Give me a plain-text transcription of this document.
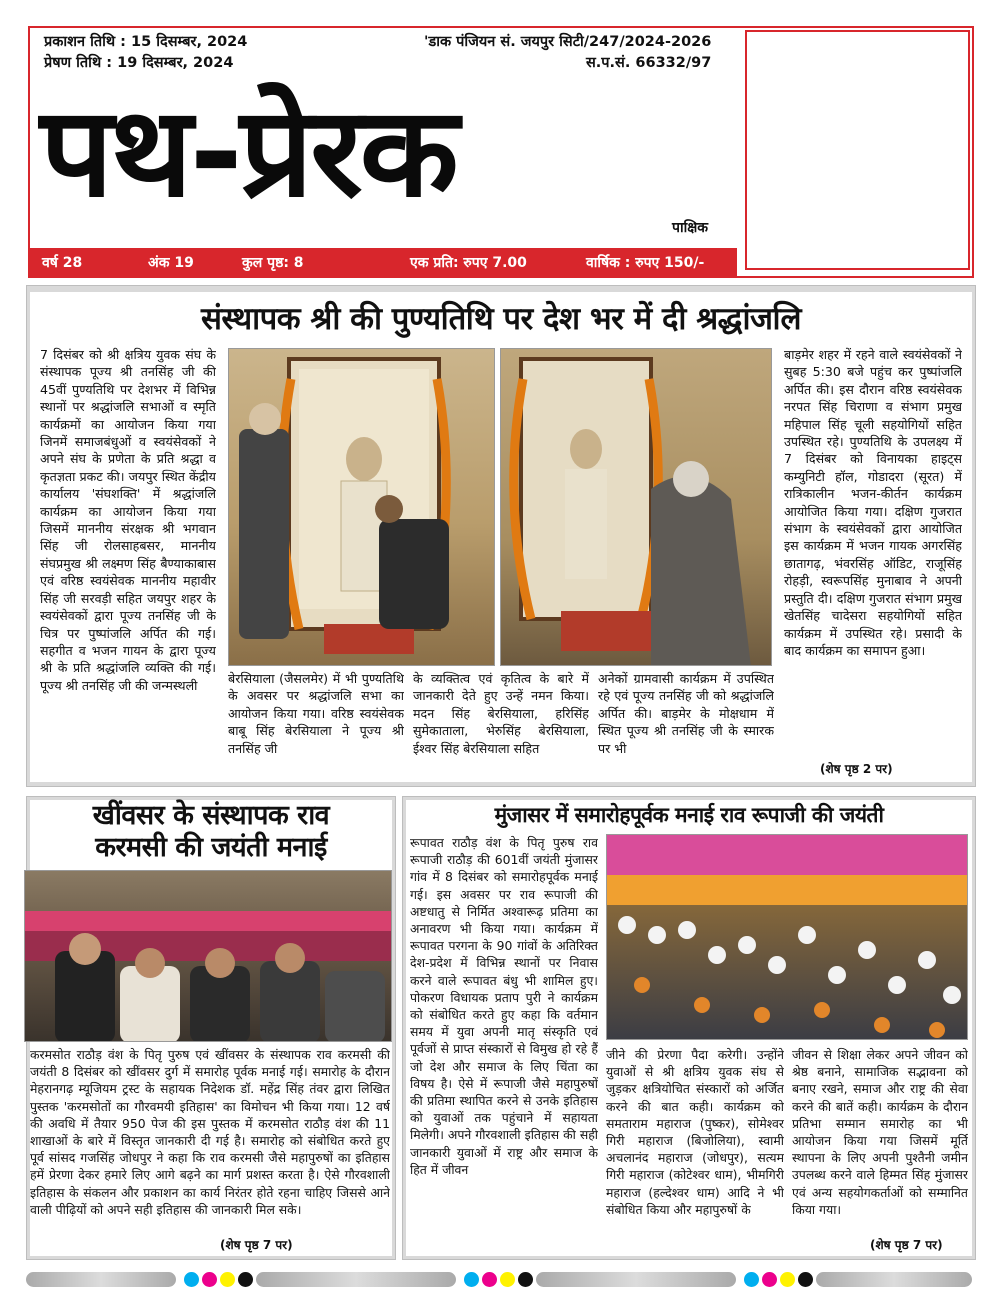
प्रकाशन तिथि : 15 दिसम्बर, 2024
प्रेषण तिथि : 19 दिसम्बर, 2024
'डाक पंजियन सं. जयपुर सिटी/247/2024-2026
स.प.सं. 66332/97
पथ-प्रेरक
पाक्षिक
वर्ष 28	अंक 19	कुल पृष्ठ: 8	एक प्रति: रुपए 7.00	वार्षिक : रुपए 150/-
संस्थापक श्री की पुण्यतिथि पर देश भर में दी श्रद्धांजलि
7 दिसंबर को श्री क्षत्रिय युवक संघ के संस्थापक पूज्य श्री तनसिंह जी की 45वीं पुण्यतिथि पर देशभर में विभिन्न स्थानों पर श्रद्धांजलि सभाओं व स्मृति कार्यक्रमों का आयोजन किया गया जिनमें समाजबंधुओं व स्वयंसेवकों ने अपने संघ के प्रणेता के प्रति श्रद्धा व कृतज्ञता प्रकट की। जयपुर स्थित केंद्रीय कार्यालय 'संघशक्ति' में श्रद्धांजलि कार्यक्रम का आयोजन किया गया जिसमें माननीय संरक्षक श्री भगवान सिंह जी रोलसाहबसर, माननीय संघप्रमुख श्री लक्ष्मण सिंह बैण्याकाबास एवं वरिष्ठ स्वयंसेवक माननीय महावीर सिंह जी सरवड़ी सहित जयपुर शहर के स्वयंसेवकों द्वारा पूज्य तनसिंह जी के चित्र पर पुष्पांजलि अर्पित की गई। सहगीत व भजन गायन के द्वारा पूज्य श्री के प्रति श्रद्धांजलि व्यक्ति की गई। पूज्य श्री तनसिंह जी की जन्मस्थली	बेरसियाला (जैसलमेर) में भी पुण्यतिथि के अवसर पर श्रद्धांजलि सभा का आयोजन किया गया। वरिष्ठ स्वयंसेवक बाबू सिंह बेरसियाला ने पूज्य श्री तनसिंह जी
के व्यक्तित्व एवं कृतित्व के बारे में जानकारी देते हुए उन्हें नमन किया। मदन सिंह बेरसियाला, हरिसिंह सुमेकाताला, भेरुसिंह बेरसियाला, ईश्वर सिंह बेरसियाला सहित
अनेकों ग्रामवासी कार्यक्रम में उपस्थित रहे एवं पूज्य तनसिंह जी को श्रद्धांजलि अर्पित की। बाड़मेर के मोक्षधाम में स्थित पूज्य श्री तनसिंह जी के स्मारक पर भी
बाड़मेर शहर में रहने वाले स्वयंसेवकों ने सुबह 5:30 बजे पहुंच कर पुष्पांजलि अर्पित की। इस दौरान वरिष्ठ स्वयंसेवक नरपत सिंह चिराणा व संभाग प्रमुख महिपाल सिंह चूली सहयोगियों सहित उपस्थित रहे। पुण्यतिथि के उपलक्ष्य में 7 दिसंबर को विनायका हाइट्स कम्युनिटी हॉल, गोडादरा (सूरत) में रात्रिकालीन भजन-कीर्तन कार्यक्रम आयोजित किया गया। दक्षिण गुजरात संभाग के स्वयंसेवकों द्वारा आयोजित इस कार्यक्रम में भजन गायक अगरसिंह छातागढ़, भंवरसिंह ऑडिट, राजूसिंह रोहड़ी, स्वरूपसिंह मुनाबाव ने अपनी प्रस्तुति दी। दक्षिण गुजरात संभाग प्रमुख खेतसिंह चादेसरा सहयोगियों सहित कार्यक्रम में उपस्थित रहे। प्रसादी के बाद कार्यक्रम का समापन हुआ।
(शेष पृष्ठ 2 पर)
खींवसर के संस्थापक राव
करमसी की जयंती मनाई
करमसोत राठौड़ वंश के पितृ पुरुष एवं खींवसर के संस्थापक राव करमसी की जयंती 8 दिसंबर को खींवसर दुर्ग में समारोह पूर्वक मनाई गई। समारोह के दौरान मेहरानगढ़ म्यूजियम ट्रस्ट के सहायक निदेशक डॉ. महेंद्र सिंह तंवर द्वारा लिखित पुस्तक 'करमसोतों का गौरवमयी इतिहास' का विमोचन भी किया गया। 12 वर्ष की अवधि में तैयार 950 पेज की इस पुस्तक में करमसोत राठौड़ वंश की 11 शाखाओं के बारे में विस्तृत जानकारी दी गई है। समारोह को संबोधित करते हुए पूर्व सांसद गजसिंह जोधपुर ने कहा कि राव करमसी जैसे महापुरुषों का इतिहास हमें प्रेरणा देकर हमारे लिए आगे बढ़ने का मार्ग प्रशस्त करता है। ऐसे गौरवशाली इतिहास के संकलन और प्रकाशन का कार्य निरंतर होते रहना चाहिए जिससे आने वाली पीढ़ियों को अपने सही इतिहास की जानकारी मिल सके।
(शेष पृष्ठ 7 पर)
मुंजासर में समारोहपूर्वक मनाई राव रूपाजी की जयंती
रूपावत राठौड़ वंश के पितृ पुरुष राव रूपाजी राठौड़ की 601वीं जयंती मुंजासर गांव में 8 दिसंबर को समारोहपूर्वक मनाई गई। इस अवसर पर राव रूपाजी की अष्टधातु से निर्मित अश्वारूढ़ प्रतिमा का अनावरण भी किया गया। कार्यक्रम में रूपावत परगना के 90 गांवों के अतिरिक्त देश-प्रदेश में विभिन्न स्थानों पर निवास करने वाले रूपावत बंधु भी शामिल हुए। पोकरण विधायक प्रताप पुरी ने कार्यक्रम को संबोधित करते हुए कहा कि वर्तमान समय में युवा अपनी मातृ संस्कृति एवं पूर्वजों से प्राप्त संस्कारों से विमुख हो रहे हैं जो देश और समाज के लिए चिंता का विषय है। ऐसे में रूपाजी जैसे महापुरुषों की प्रतिमा स्थापित करने से उनके इतिहास को युवाओं तक पहुंचाने में सहायता मिलेगी। अपने गौरवशाली इतिहास की सही जानकारी युवाओं में राष्ट्र और समाज के हित में जीवन
जीने की प्रेरणा पैदा करेगी। उन्होंने युवाओं से श्री क्षत्रिय युवक संघ से जुड़कर क्षत्रियोचित संस्कारों को अर्जित करने की बात कही। कार्यक्रम को समताराम महाराज (पुष्कर), सोमेश्वर गिरी महाराज (बिजोलिया), स्वामी अचलानंद महाराज (जोधपुर), सत्यम गिरी महाराज (कोटेश्वर धाम), भीमगिरी महाराज (हल्देश्वर धाम) आदि ने भी संबोधित किया और महापुरुषों के
जीवन से शिक्षा लेकर अपने जीवन को श्रेष्ठ बनाने, सामाजिक सद्भावना को बनाए रखने, समाज और राष्ट्र की सेवा करने की बातें कही। कार्यक्रम के दौरान प्रतिभा सम्मान समारोह का भी आयोजन किया गया जिसमें मूर्ति स्थापना के लिए अपनी पुश्तैनी जमीन उपलब्ध करने वाले हिम्मत सिंह मुंजासर एवं अन्य सहयोगकर्ताओं को सम्मानित किया गया।
(शेष पृष्ठ 7 पर)
